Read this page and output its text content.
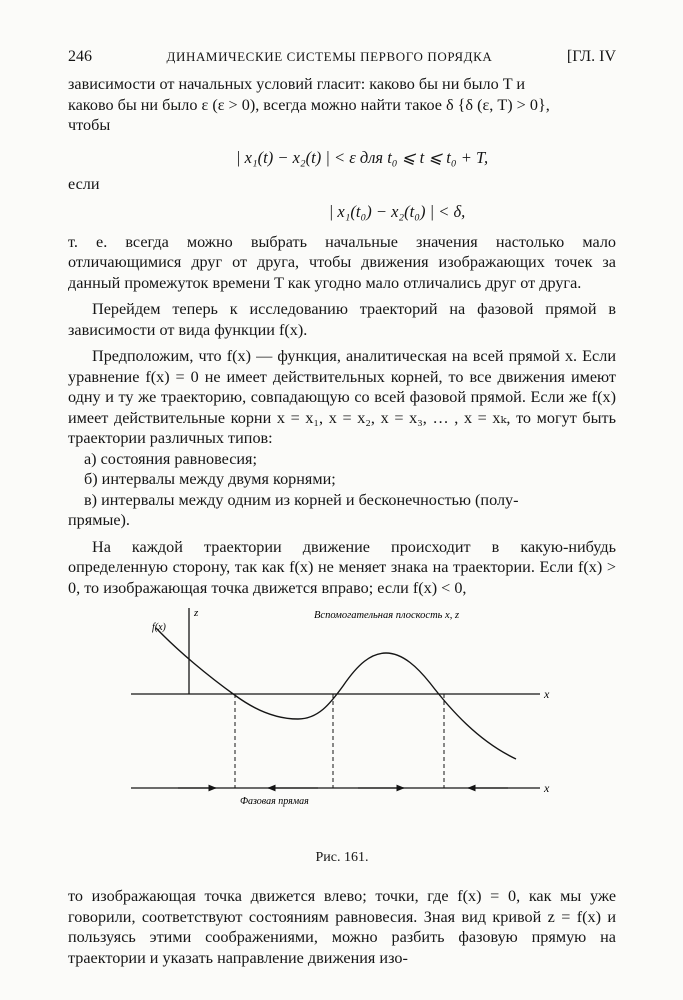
246	ДИНАМИЧЕСКИЕ СИСТЕМЫ ПЕРВОГО ПОРЯДКА	[ГЛ. IV

зависимости от начальных условий гласит: каково бы ни было T и

каково бы ни было ε (ε > 0), всегда можно найти такое δ {δ (ε, T) > 0},

чтобы

| x₁(t) − x₂(t) | < ε для t₀ ⩽ t ⩽ t₀ + T,

если

| x₁(t₀) − x₂(t₀) | < δ,

т. е. всегда можно выбрать начальные значения настолько мало отличающимися друг от друга, чтобы движения изображающих точек за данный промежуток времени T как угодно мало отличались друг от друга.

Перейдем теперь к исследованию траекторий на фазовой прямой в зависимости от вида функции f(x).

Предположим, что f(x) — функция, аналитическая на всей прямой x. Если уравнение f(x) = 0 не имеет действительных корней, то все движения имеют одну и ту же траекторию, совпадающую со всей фазовой прямой. Если же f(x) имеет действительные корни x = x₁, x = x₂, x = x₃, … , x = xₖ, то могут быть траектории различных типов:

а) состояния равновесия;

б) интервалы между двумя корнями;

в) интервалы между одним из корней и бесконечностью (полу-

прямые).

На каждой траектории движение происходит в какую-нибудь определенную сторону, так как f(x) не меняет знака на траектории. Если f(x) > 0, то изображающая точка движется вправо; если f(x) < 0,

z
x
f(x)
Вспомогательная плоскость x, z
x
Фазовая прямая
Рис. 161.

то изображающая точка движется влево; точки, где f(x) = 0, как мы уже говорили, соответствуют состояниям равновесия. Зная вид кривой z = f(x) и пользуясь этими соображениями, можно разбить фазовую прямую на траектории и указать направление движения изо-
